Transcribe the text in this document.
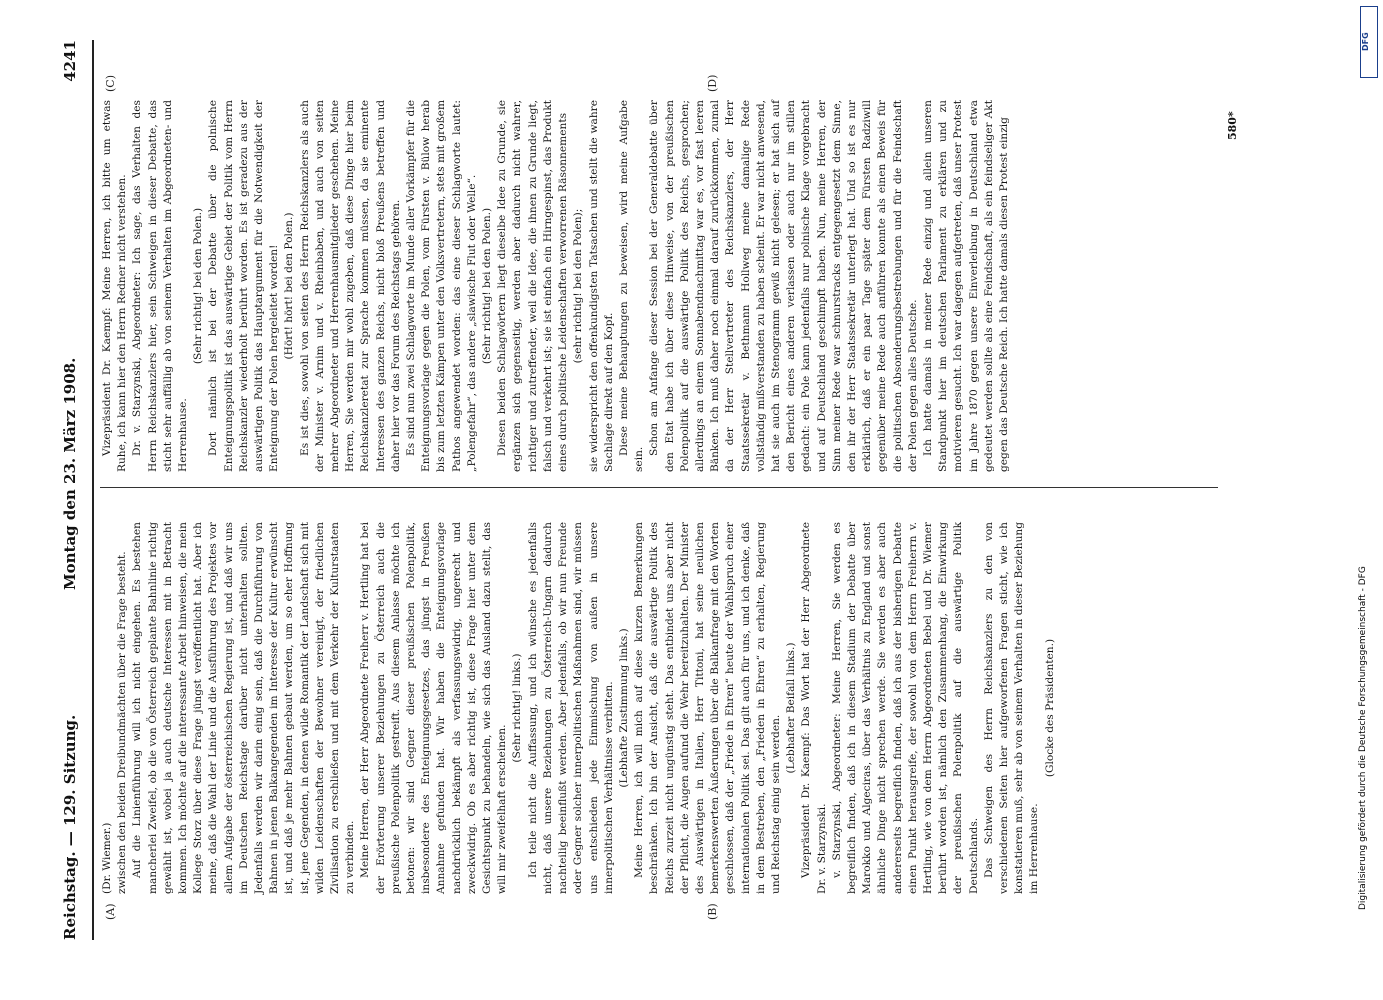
Reichstag. — 129. Sitzung.
Montag den 23. März 1908.
4241
(A)	(B)
(C)	(D)

(Dr. Wiemer.) zwischen den beiden Dreibundmächten über die Frage besteht. Auf die Linienführung will ich nicht eingehen. Es bestehen mancherlei Zweifel, ob die von Österreich geplante Bahnlinie richtig gewählt ist, wobei ja auch deutsche Interessen mit in Betracht kommen. Ich möchte auf die interessante Arbeit hinweisen, die mein Kollege Storz über diese Frage jüngst veröffentlicht hat. Aber ich meine, daß die Wahl der Linie und die Ausführung des Projektes vor allem Aufgabe der österreichischen Regierung ist, und daß wir uns im Deutschen Reichstage darüber nicht unterhalten sollten. Jedenfalls werden wir darin einig sein, daß die Durchführung von Bahnen in jenen Balkangegenden im Interesse der Kultur erwünscht ist, und daß je mehr Bahnen gebaut werden, um so eher Hoffnung ist, jene Gegenden, in denen wilde Romantik der Landschaft sich mit wilden Leidenschaften der Bewohner vereinigt, der friedlichen Zivilisation zu erschließen und mit dem Verkehr der Kulturstaaten zu verbinden. Meine Herren, der Herr Abgeordnete Freiherr v. Hertling hat bei der Erörterung unserer Beziehungen zu Österreich auch die preußische Polenpolitik gestreift. Aus diesem Anlasse möchte ich betonen: wir sind Gegner dieser preußischen Polenpolitik, insbesondere des Enteignungsgesetzes, das jüngst in Preußen Annahme gefunden hat. Wir haben die Enteignungsvorlage nachdrücklich bekämpft als verfassungswidrig, ungerecht und zweckwidrig. Ob es aber richtig ist, diese Frage hier unter dem Gesichtspunkt zu behandeln, wie sich das Ausland dazu stellt, das will mir zweifelhaft erscheinen.

(Sehr richtig! links.) Ich teile nicht die Auffassung, und ich wünsche es jedenfalls nicht, daß unsere Beziehungen zu Österreich-Ungarn dadurch nachteilig beeinflußt werden. Aber jedenfalls, ob wir nun Freunde oder Gegner solcher innerpolitischen Maßnahmen sind, wir müssen uns entschieden jede Einmischung von außen in unsere innerpolitischen Verhältnisse verbitten. (Lebhafte Zustimmung links.) Meine Herren, ich will mich auf diese kurzen Bemerkungen beschränken. Ich bin der Ansicht, daß die auswärtige Politik des Reichs zurzeit nicht ungünstig steht. Das entbindet uns aber nicht der Pflicht, die Augen aufund die Wehr bereitzuhalten. Der Minister des Auswärtigen in Italien, Herr Tittoni, hat seine neulichen bemerkenswerten Äußerungen über die Balkanfrage mit den Worten geschlossen, daß der „Friede in Ehren“ heute der Wahlspruch einer internationalen Politik sei. Das gilt auch für uns, und ich denke, daß in dem Bestreben, den „Frieden in Ehren“ zu erhalten, Regierung und Reichstag einig sein werden.

(Lebhafter Beifall links.) Vizepräsident Dr. Kaempf: Das Wort hat der Herr Abgeordnete Dr. v. Starzynski. v. Starzynski, Abgeordneter: Meine Herren, Sie werden es begreiflich finden, daß ich in diesem Stadium der Debatte über Marokko und Algeciras, über das Verhältnis zu England und sonst ähnliche Dinge nicht sprechen werde. Sie werden es aber auch andererseits begreiflich finden, daß ich aus der bisherigen Debatte einen Punkt herausgreife, der sowohl von dem Herrn Freiherrn v. Hertling, wie von dem Herrn Abgeordneten Bebel und Dr. Wiemer berührt worden ist, nämlich den Zusammenhang, die Einwirkung der preußischen Polenpolitik auf die auswärtige Politik Deutschlands. Das Schweigen des Herrn Reichskanzlers zu den von verschiedenen Seiten hier aufgeworfenen Fragen sticht, wie ich konstatieren muß, sehr ab von seinem Verhalten in dieser Beziehung im Herrenhause.

(Glocke des Präsidenten.)

Vizepräsident Dr. Kaempf: Meine Herren, ich bitte um etwas Ruhe, ich kann hier den Herrn Redner nicht verstehen. Dr. v. Starzynski, Abgeordneter: Ich sage, das Verhalten des Herrn Reichskanzlers hier, sein Schweigen in dieser Debatte, das sticht sehr auffällig ab von seinem Verhalten im Abgeordneten- und Herrenhause.

(Sehr richtig! bei den Polen.) Dort nämlich ist bei der Debatte über die polnische Enteignungspolitik ist das auswärtige Gebiet der Politik vom Herrn Reichskanzler wiederholt berührt worden. Es ist geradezu aus der auswärtigen Politik das Hauptargument für die Notwendigkeit der Enteignung der Polen hergeleitet worden! (Hört! hört! bei den Polen.) Es ist dies, sowohl von seiten des Herrn Reichskanzlers als auch der Minister v. Arnim und v. Rheinbaben, und auch von seiten mehrer Abgeordneter und Herrenhausmitglieder geschehen. Meine Herren, Sie werden mir wohl zugeben, daß diese Dinge hier beim Reichskanzleretat zur Sprache kommen müssen, da sie eminente Interessen des ganzen Reichs, nicht bloß Preußens betreffen und daher hier vor das Forum des Reichstags gehören. Es sind nun zwei Schlagworte im Munde aller Vorkämpfer für die Enteignungsvorlage gegen die Polen, vom Fürsten v. Bülow herab bis zum letzten Kämpen unter den Volksvertretern, stets mit großem Pathos angewendet worden: das eine dieser Schlagworte lautet: „Polengefahr“, das andere „slawische Flut oder Welle“. (Sehr richtig! bei den Polen.) Diesen beiden Schlagwörtern liegt dieselbe Idee zu Grunde, sie ergänzen sich gegenseitig, werden aber dadurch nicht wahrer, richtiger und zutreffender, weil die Idee, die ihnen zu Grunde liegt, falsch und verkehrt ist; sie ist einfach ein Hirngespinst, das Produkt eines durch politische Leidenschaften verworrenen Räsonnements (sehr richtig! bei den Polen); sie widerspricht den offenkundigsten Tatsachen und stellt die wahre Sachlage direkt auf den Kopf. Diese meine Behauptungen zu beweisen, wird meine Aufgabe sein.

Schon am Anfange dieser Session bei der Generaldebatte über den Etat habe ich über diese Hinweise, von der preußischen Polenpolitik auf die auswärtige Politik des Reichs, gesprochen; allerdings an einem Sonnabendnachmittag war es, vor fast leeren Bänken. Ich muß daher noch einmal darauf zurückkommen, zumal da der Herr Stellvertreter des Reichskanzlers, der Herr Staatssekretär v. Bethmann Hollweg meine damalige Rede vollständig mißverstanden zu haben scheint. Er war nicht anwesend, hat sie auch im Stenogramm gewiß nicht gelesen; er hat sich auf den Bericht eines anderen verlassen oder auch nur im stillen gedacht: ein Pole kann jedenfalls nur polnische Klage vorgebracht und auf Deutschland geschimpft haben. Nun, meine Herren, der Sinn meiner Rede war schnurstracks entgegengesetzt dem Sinne, den ihr der Herr Staatssekretär unterlegt hat. Und so ist es nur erklärlich, daß er ein paar Tage später dem Fürsten Radziwill gegenüber meine Rede auch anführen konnte als einen Beweis für die politischen Absonderungsbestrebungen und für die Feindschaft der Polen gegen alles Deutsche. Ich hatte damals in meiner Rede einzig und allein unseren Standpunkt hier im deutschen Parlament zu erklären und zu motivieren gesucht. Ich war dagegen aufgetreten, daß unser Protest im Jahre 1870 gegen unsere Einverleibung in Deutschland etwa gedeutet werden sollte als eine Feindschaft, als ein feindseliger Akt gegen das Deutsche Reich. Ich hatte damals diesen Protest einzig	580*
DFG
Digitalisierung gefördert durch die Deutsche Forschungsgemeinschaft - DFG
